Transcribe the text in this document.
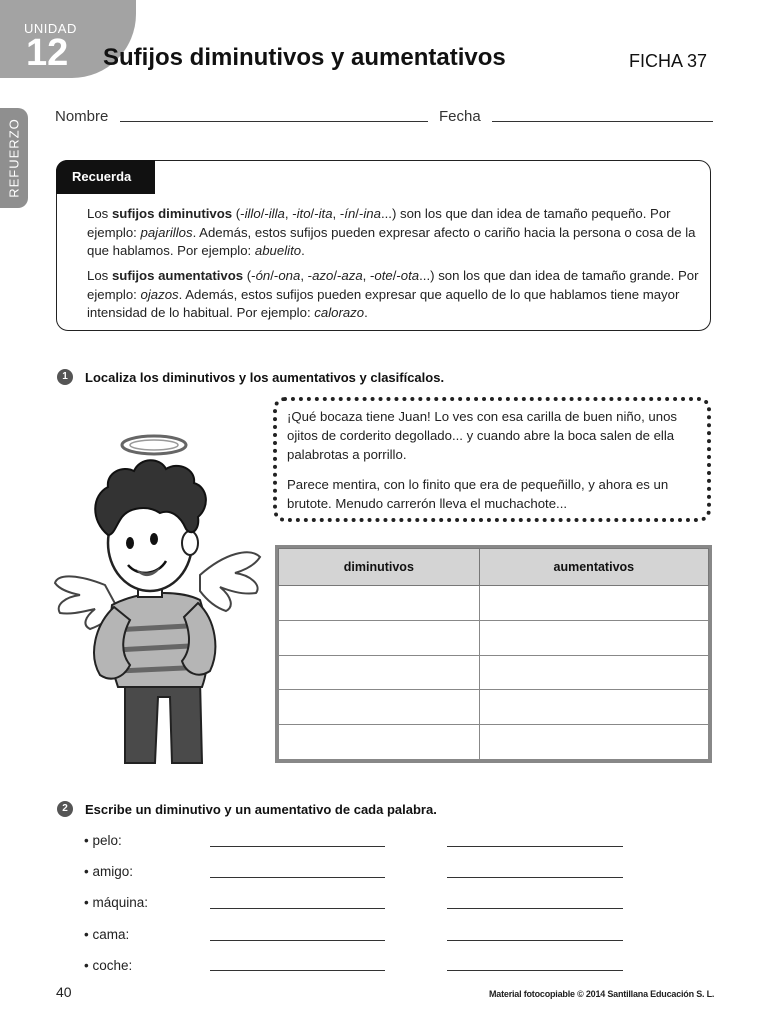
UNIDAD
12 Sufijos diminutivos y aumentativos	FICHA 37
REFUERZO
Nombre	Fecha
Recuerda
Los sufijos diminutivos (-illo/-illa, -ito/-ita, -ín/-ina...) son los que dan idea de tamaño pequeño. Por ejemplo: pajarillos. Además, estos sufijos pueden expresar afecto o cariño hacia la persona o cosa de la que hablamos. Por ejemplo: abuelito.
Los sufijos aumentativos (-ón/-ona, -azo/-aza, -ote/-ota...) son los que dan idea de tamaño grande. Por ejemplo: ojazos. Además, estos sufijos pueden expresar que aquello de lo que hablamos tiene mayor intensidad de lo habitual. Por ejemplo: calorazo.
1	Localiza los diminutivos y los aumentativos y clasifícalos.
¡Qué bocaza tiene Juan! Lo ves con esa carilla de buen niño, unos ojitos de corderito degollado... y cuando abre la boca salen de ella palabrotas a porrillo.
Parece mentira, con lo finito que era de pequeñillo, y ahora es un brutote. Menudo carrerón lleva el muchachote...
diminutivos	aumentativos

2	Escribe un diminutivo y un aumentativo de cada palabra.
• pelo:
• amigo:
• máquina:
• cama:
• coche:
40	Material fotocopiable © 2014 Santillana Educación S. L.
